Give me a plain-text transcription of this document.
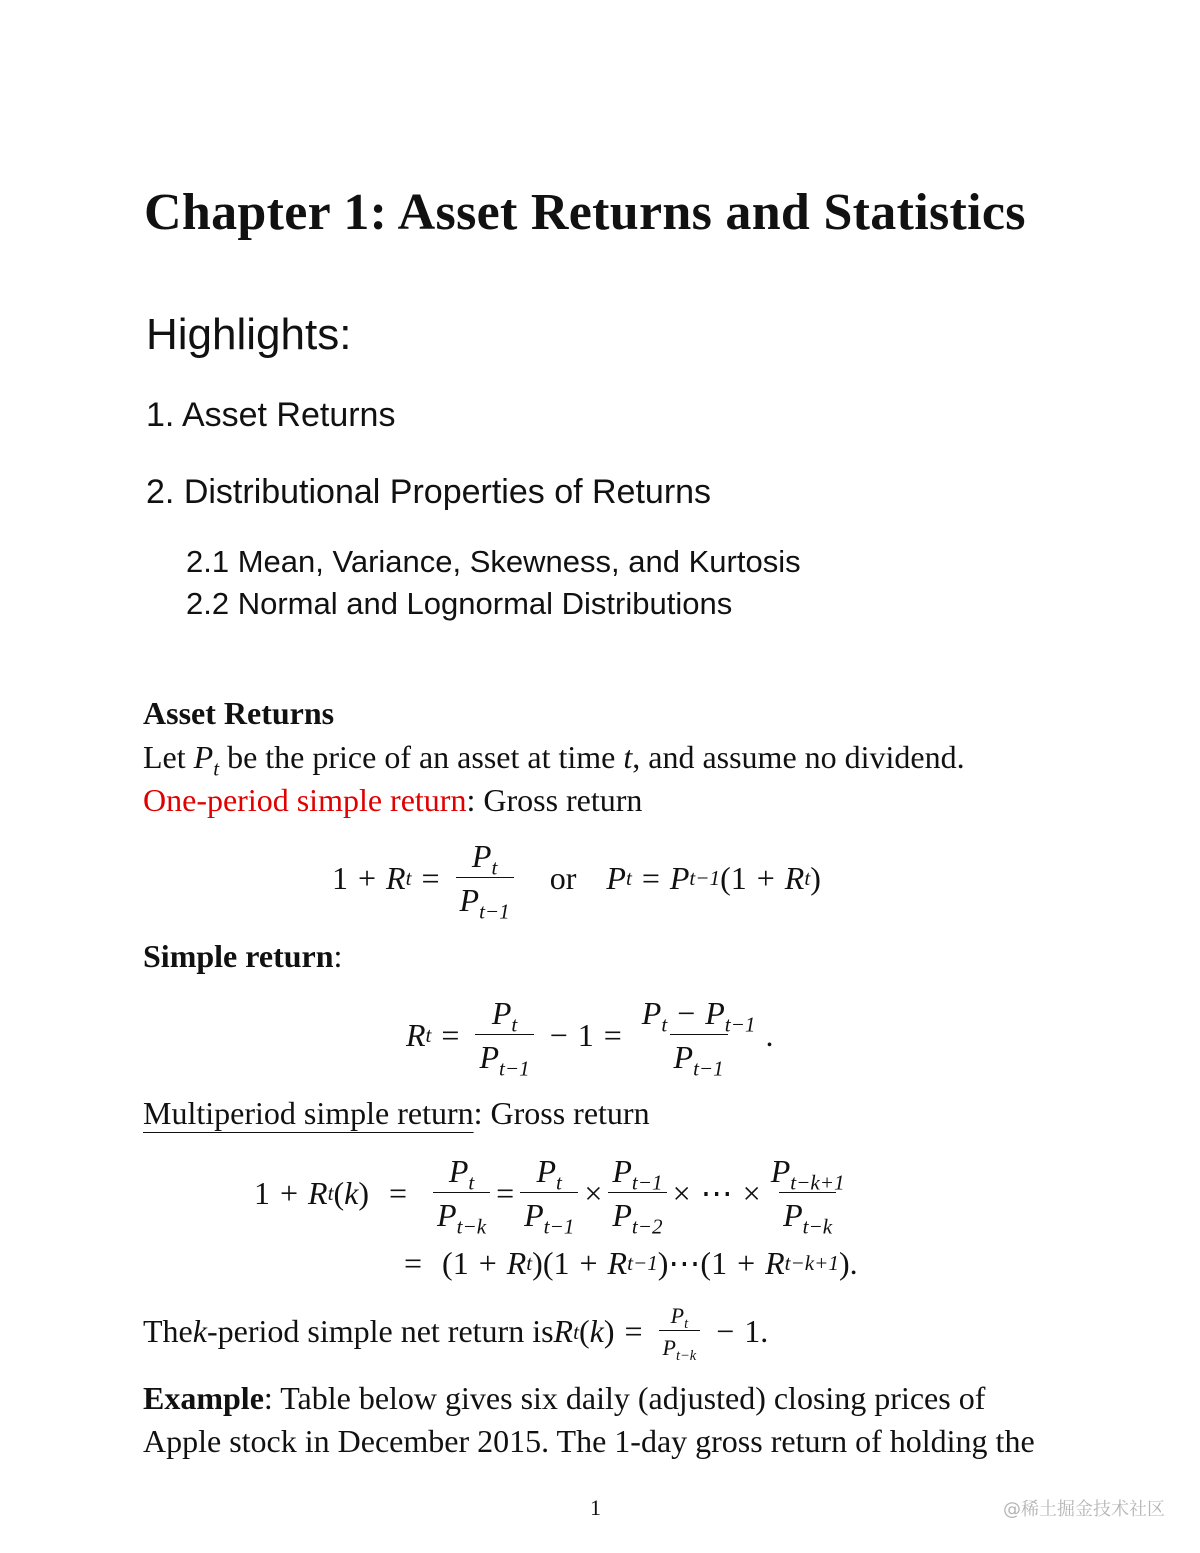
Chapter 1: Asset Returns and Statistics
Highlights:
1. Asset Returns
2. Distributional Properties of Returns
2.1 Mean, Variance, Skewness, and Kurtosis
2.2 Normal and Lognormal Distributions
Asset Returns
Let $P_t$ be the price of an asset at time t, and assume no dividend.
One-period simple return: Gross return
1 + R $t = \frac{P_t}{P_{t-1}}$ or P t = P t−1 ( 1 + R t )
Simple return:
R $t = \frac{P_t}{P_{t-1}} - 1 = \frac{P_t - P_{t-1}}{P_{t-1}}$ .
Multiperiod simple return: Gross return
1 + R t ( k ) = $\frac{P_t}{P_{t-k}} = \frac{P_t}{P_{t-1}} \times \frac{P_{t-1}}{P_{t-2}}$ × ⋯ × $\frac{P_{t-k+1}}{P_{t-k}}$
= ( 1 + R t )( 1 + R t−1 ) ⋯ ( 1 + R t−k+1 ) .
The k -period simple net return is R t ( k ) = $\frac{P_t}{P_{t-k}} - 1$ .
Example: Table below gives six daily (adjusted) closing prices of
Apple stock in December 2015. The 1-day gross return of holding the
1	@稀土掘金技术社区
